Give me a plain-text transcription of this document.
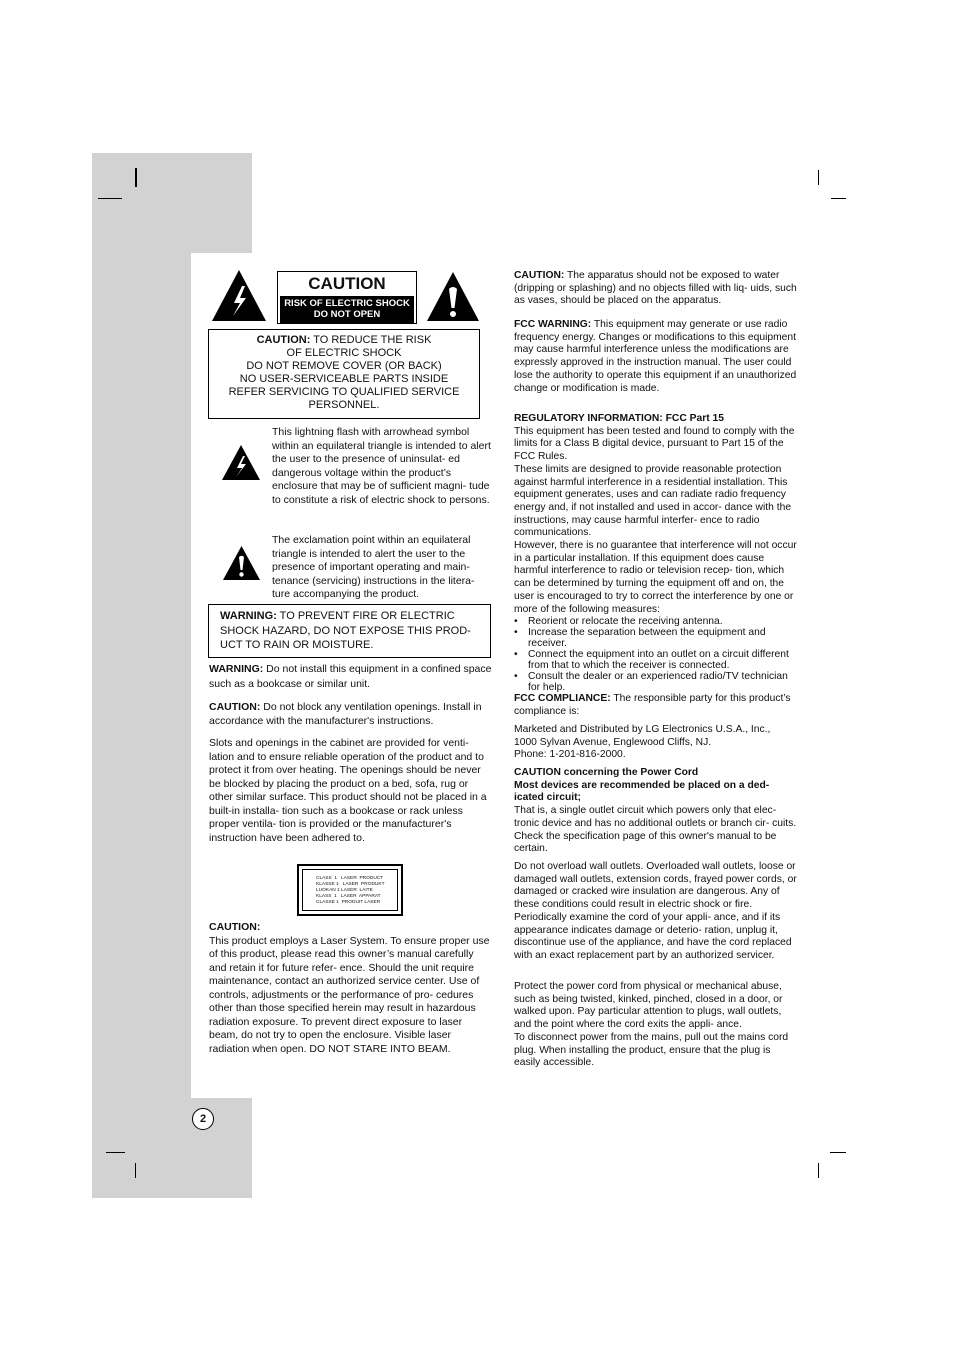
CAUTION
RISK OF ELECTRIC SHOCK
DO NOT OPEN
CAUTION: TO REDUCE THE RISK
OF ELECTRIC SHOCK
DO NOT REMOVE COVER (OR BACK)
NO USER-SERVICEABLE PARTS INSIDE
REFER SERVICING TO QUALIFIED SERVICE
PERSONNEL.
This lightning flash with arrowhead symbol within an equilateral triangle is intended to alert the user to the presence of uninsulat- ed dangerous voltage within the product’s enclosure that may be of sufficient magni- tude to constitute a risk of electric shock to persons.
The exclamation point within an equilateral triangle is intended to alert the user to the presence of important operating and main- tenance (servicing) instructions in the litera- ture accompanying the product.
WARNING: TO PREVENT FIRE OR ELECTRIC SHOCK HAZARD, DO NOT EXPOSE THIS PROD- UCT TO RAIN OR MOISTURE.
WARNING: Do not install this equipment in a confined space such as a bookcase or similar unit.
CAUTION: Do not block any ventilation openings. Install in accordance with the manufacturer's instructions.
Slots and openings in the cabinet are provided for venti- lation and to ensure reliable operation of the product and to protect it from over heating. The openings should be never be blocked by placing the product on a bed, sofa, rug or other similar surface. This product should not be placed in a built-in installa- tion such as a bookcase or rack unless proper ventila- tion is provided or the manufacturer's instruction have been adhered to.
CLASS  1   LASER  PRODUCT
KLASSE 1   LASER  PRODUKT
LUOKAN 1 LASER  LAITE
KLASS  1   LASER  APPARAT
CLASSE 1  PRODUIT LASER
CAUTION:
This product employs a Laser System. To ensure proper use of this product, please read this owner’s manual carefully and retain it for future refer- ence. Should the unit require maintenance, contact an authorized service center. Use of controls, adjustments or the performance of pro- cedures other than those specified herein may result in hazardous radiation exposure. To prevent direct exposure to laser beam, do not try to open the enclosure. Visible laser radiation when open. DO NOT STARE INTO BEAM.
CAUTION: The apparatus should not be exposed to water (dripping or splashing) and no objects filled with liq- uids, such as vases, should be placed on the apparatus.
FCC WARNING: This equipment may generate or use radio frequency energy. Changes or modifications to this equipment may cause harmful interference unless the modifications are expressly approved in the instruction manual. The user could lose the authority to operate this equipment if an unauthorized change or modification is made.
REGULATORY INFORMATION: FCC Part 15
This equipment has been tested and found to comply with the limits for a Class B digital device, pursuant to Part 15 of the FCC Rules.
These limits are designed to provide reasonable protection against harmful interference in a residential installation. This equipment generates, uses and can radiate radio frequency energy and, if not installed and used in accor- dance with the instructions, may cause harmful interfer- ence to radio communications.
However, there is no guarantee that interference will not occur in a particular installation. If this equipment does cause harmful interference to radio or television recep- tion, which can be determined by turning the equipment off and on, the user is encouraged to try to correct the interference by one or more of the following measures:
• Reorient or relocate the receiving antenna.
• Increase the separation between the equipment and receiver.
• Connect the equipment into an outlet on a circuit different from that to which the receiver is connected.
• Consult the dealer or an experienced radio/TV technician for help.
FCC COMPLIANCE: The responsible party for this product’s compliance is:
Marketed and Distributed by LG Electronics U.S.A., Inc.,
1000 Sylvan Avenue, Englewood Cliffs, NJ.
Phone: 1-201-816-2000.
CAUTION concerning the Power Cord
Most devices are recommended be placed on a ded- icated circuit;
That is, a single outlet circuit which powers only that elec- tronic device and has no additional outlets or branch cir- cuits. Check the specification page of this owner's manual to be certain.
Do not overload wall outlets. Overloaded wall outlets, loose or damaged wall outlets, extension cords, frayed power cords, or damaged or cracked wire insulation are dangerous. Any of these conditions could result in electric shock or fire. Periodically examine the cord of your appli- ance, and if its appearance indicates damage or deterio- ration, unplug it, discontinue use of the appliance, and have the cord replaced with an exact replacement part by an authorized servicer.
Protect the power cord from physical or mechanical abuse, such as being twisted, kinked, pinched, closed in a door, or walked upon. Pay particular attention to plugs, wall outlets, and the point where the cord exits the appli- ance.
To disconnect power from the mains, pull out the mains cord plug. When installing the product, ensure that the plug is easily accessible.
2
